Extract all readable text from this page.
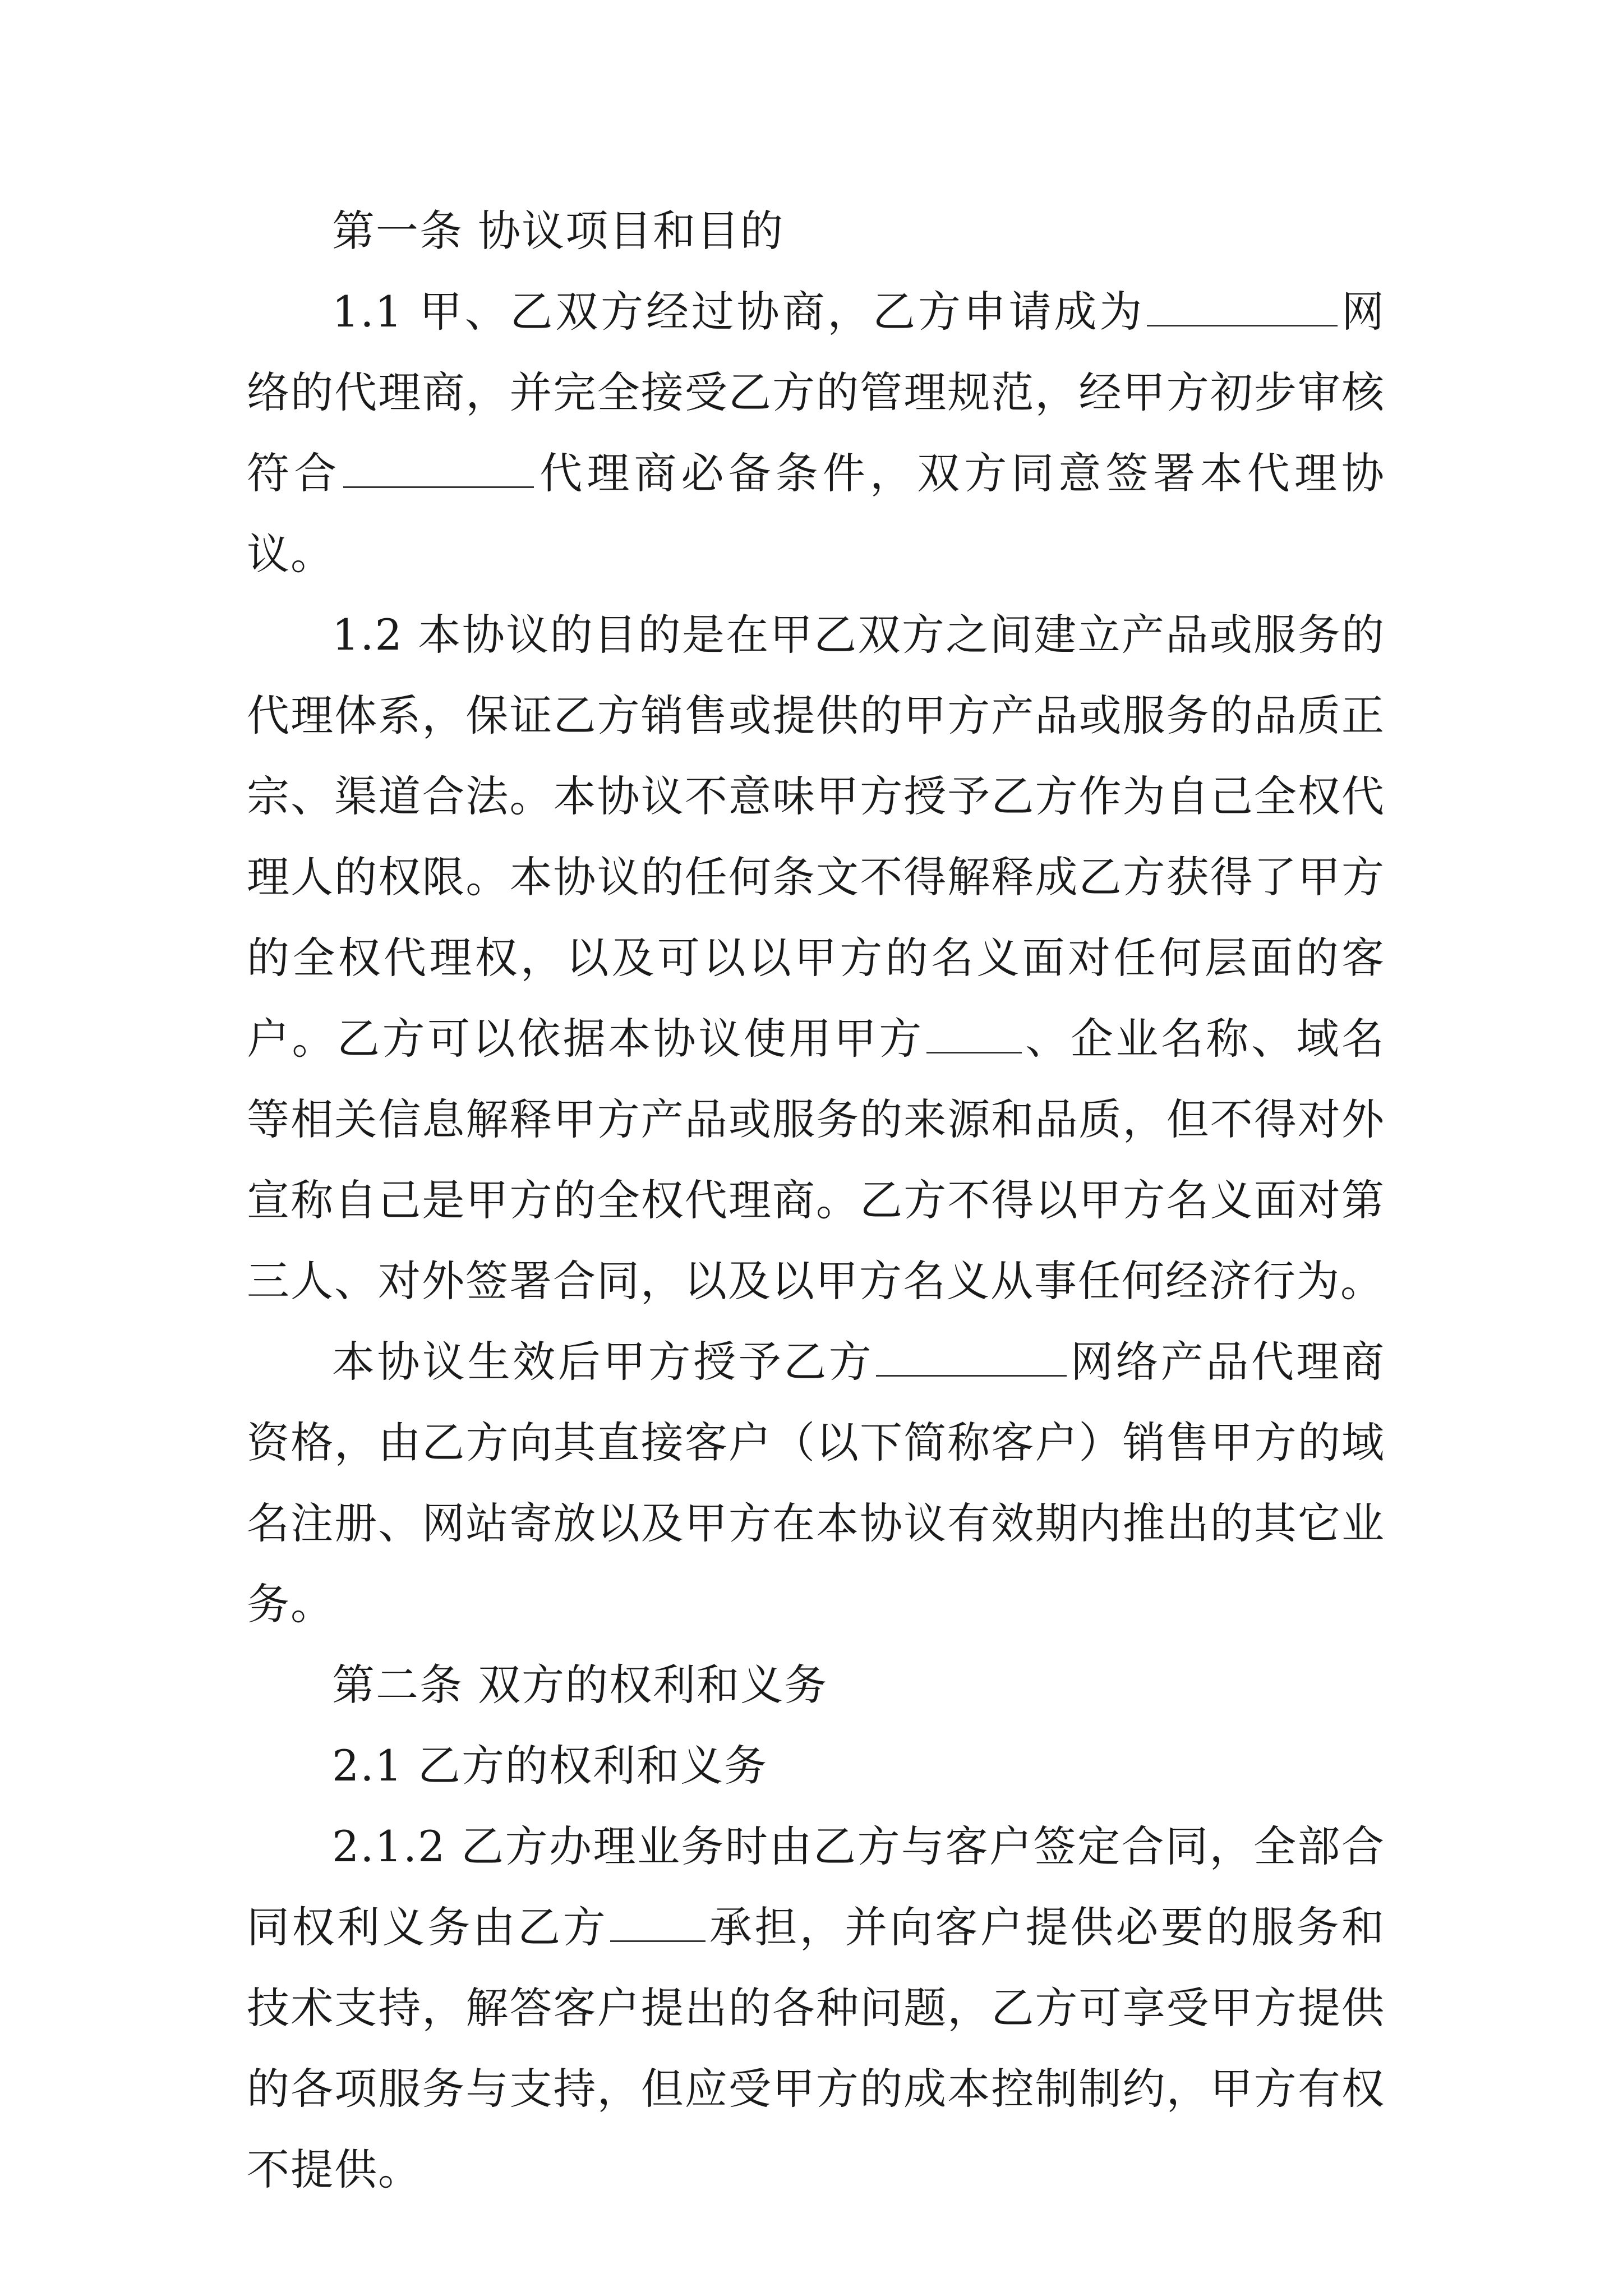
第一条 协议项目和目的

1.1 甲、乙双方经过协商，乙方申请成为	网络的代理商，并完全接受乙方的管理规范，经甲方初步审核符合	代理商必备条件，双方同意签署本代理协议。

1.2 本协议的目的是在甲乙双方之间建立产品或服务的代理体系，保证乙方销售或提供的甲方产品或服务的品质正宗、渠道合法。本协议不意味甲方授予乙方作为自己全权代理人的权限。本协议的任何条文不得解释成乙方获得了甲方的全权代理权，以及可以以甲方的名义面对任何层面的客户。乙方可以依据本协议使用甲方 、企业名称、域名等相关信息解释甲方产品或服务的来源和品质，但不得对外宣称自己是甲方的全权代理商。乙方不得以甲方名义面对第三人、对外签署合同，以及以甲方名义从事任何经济行为。

本协议生效后甲方授予乙方	网络产品代理商资格，由乙方向其直接客户（以下简称客户）销售甲方的域名注册、网站寄放以及甲方在本协议有效期内推出的其它业务。

第二条 双方的权利和义务

2.1 乙方的权利和义务

2.1.2 乙方办理业务时由乙方与客户签定合同，全部合同权利义务由乙方 承担，并向客户提供必要的服务和技术支持，解答客户提出的各种问题，乙方可享受甲方提供的各项服务与支持，但应受甲方的成本控制制约，甲方有权不提供。
